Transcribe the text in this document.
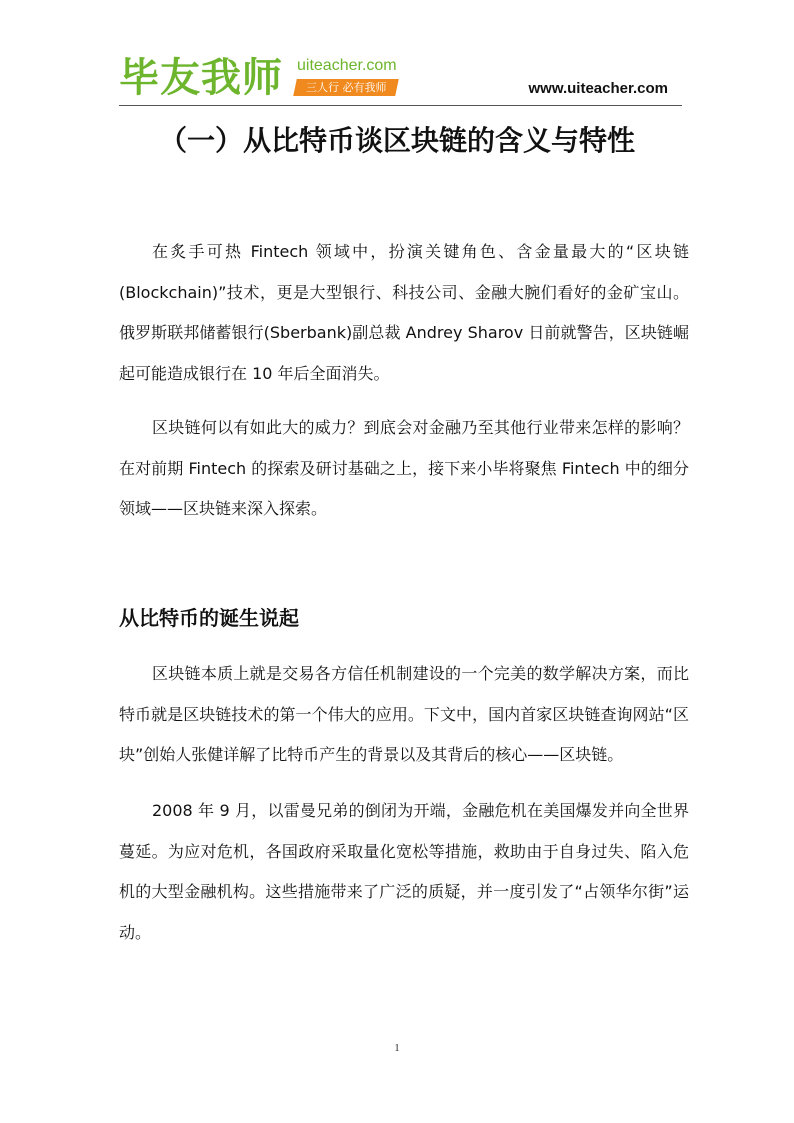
毕友我师 uiteacher.com
三人行 必有我师	www.uiteacher.com
（一）从比特币谈区块链的含义与特性

在炙手可热 Fintech 领域中，扮演关键角色、含金量最大的“区块链(Blockchain)”技术，更是大型银行、科技公司、金融大腕们看好的金矿宝山。俄罗斯联邦储蓄银行(Sberbank)副总裁 Andrey Sharov 日前就警告，区块链崛起可能造成银行在 10 年后全面消失。

区块链何以有如此大的威力？到底会对金融乃至其他行业带来怎样的影响？在对前期 Fintech 的探索及研讨基础之上，接下来小毕将聚焦 Fintech 中的细分领域——区块链来深入探索。

从比特币的诞生说起

区块链本质上就是交易各方信任机制建设的一个完美的数学解决方案，而比特币就是区块链技术的第一个伟大的应用。下文中，国内首家区块链查询网站“区块”创始人张健详解了比特币产生的背景以及其背后的核心——区块链。

2008 年 9 月，以雷曼兄弟的倒闭为开端，金融危机在美国爆发并向全世界蔓延。为应对危机，各国政府采取量化宽松等措施，救助由于自身过失、陷入危机的大型金融机构。这些措施带来了广泛的质疑，并一度引发了“占领华尔街”运动。

1
